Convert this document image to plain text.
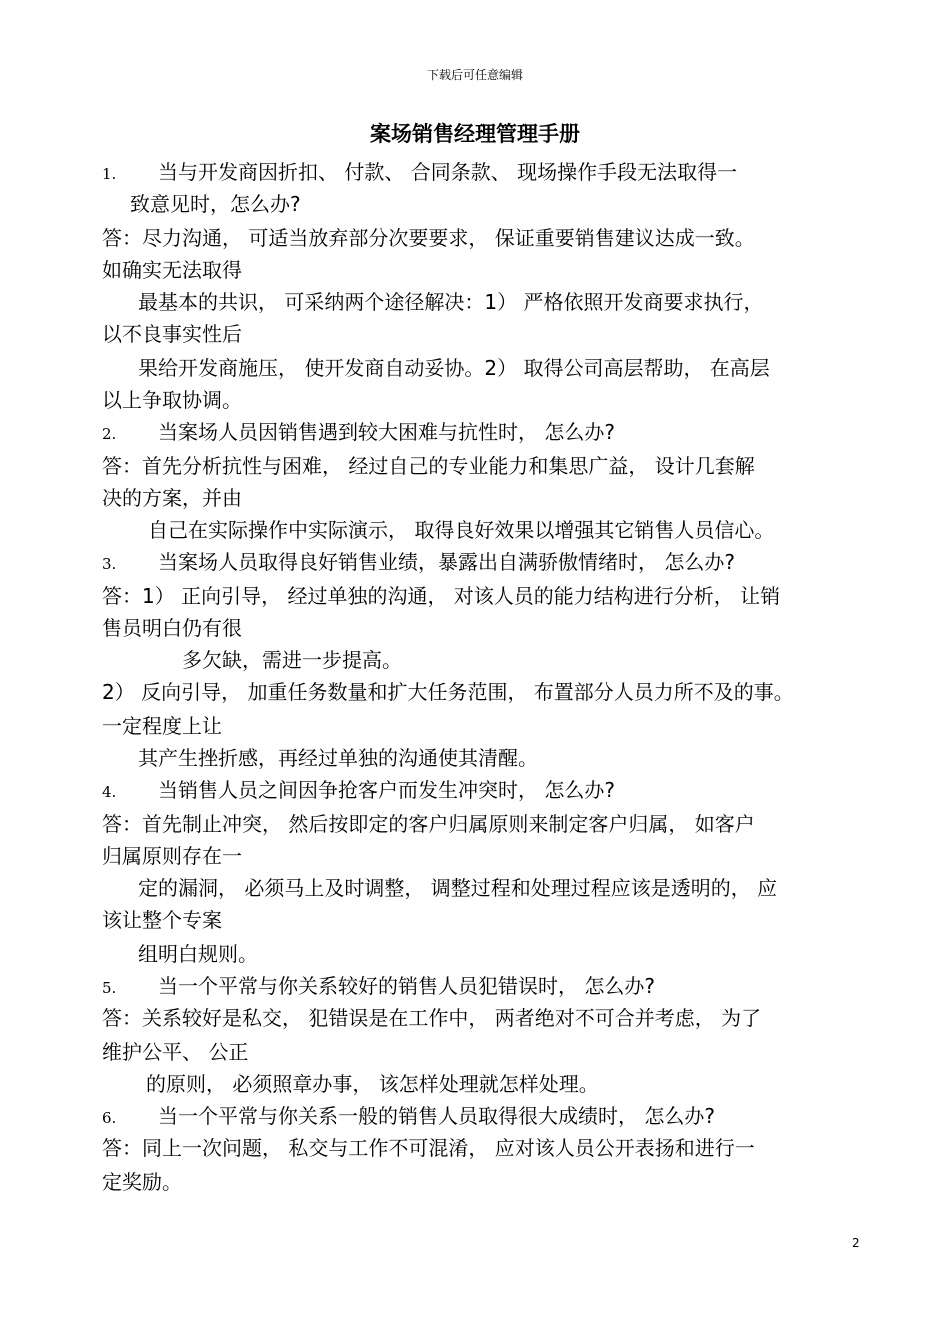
下载后可任意编辑
案场销售经理管理手册
1. 当与开发商因折扣、 付款、 合同条款、 现场操作手段无法取得一
致意见时，怎么办?
答：尽力沟通， 可适当放弃部分次要要求， 保证重要销售建议达成一致。
如确实无法取得
最基本的共识， 可采纳两个途径解决：1） 严格依照开发商要求执行，
以不良事实性后
果给开发商施压， 使开发商自动妥协。2） 取得公司高层帮助， 在高层
以上争取协调。
2. 当案场人员因销售遇到较大困难与抗性时， 怎么办?
答：首先分析抗性与困难， 经过自己的专业能力和集思广益， 设计几套解
决的方案，并由
自己在实际操作中实际演示， 取得良好效果以增强其它销售人员信心。
3. 当案场人员取得良好销售业绩，暴露出自满骄傲情绪时， 怎么办?
答：1） 正向引导， 经过单独的沟通， 对该人员的能力结构进行分析， 让销
售员明白仍有很
多欠缺，需进一步提高。
2） 反向引导， 加重任务数量和扩大任务范围， 布置部分人员力所不及的事。
一定程度上让
其产生挫折感，再经过单独的沟通使其清醒。
4. 当销售人员之间因争抢客户而发生冲突时， 怎么办?
答：首先制止冲突， 然后按即定的客户归属原则来制定客户归属， 如客户
归属原则存在一
定的漏洞， 必须马上及时调整， 调整过程和处理过程应该是透明的， 应
该让整个专案
组明白规则。
5. 当一个平常与你关系较好的销售人员犯错误时， 怎么办?
答：关系较好是私交， 犯错误是在工作中， 两者绝对不可合并考虑， 为了
维护公平、 公正
的原则， 必须照章办事， 该怎样处理就怎样处理。
6. 当一个平常与你关系一般的销售人员取得很大成绩时， 怎么办?
答：同上一次问题， 私交与工作不可混淆， 应对该人员公开表扬和进行一
定奖励。
2
